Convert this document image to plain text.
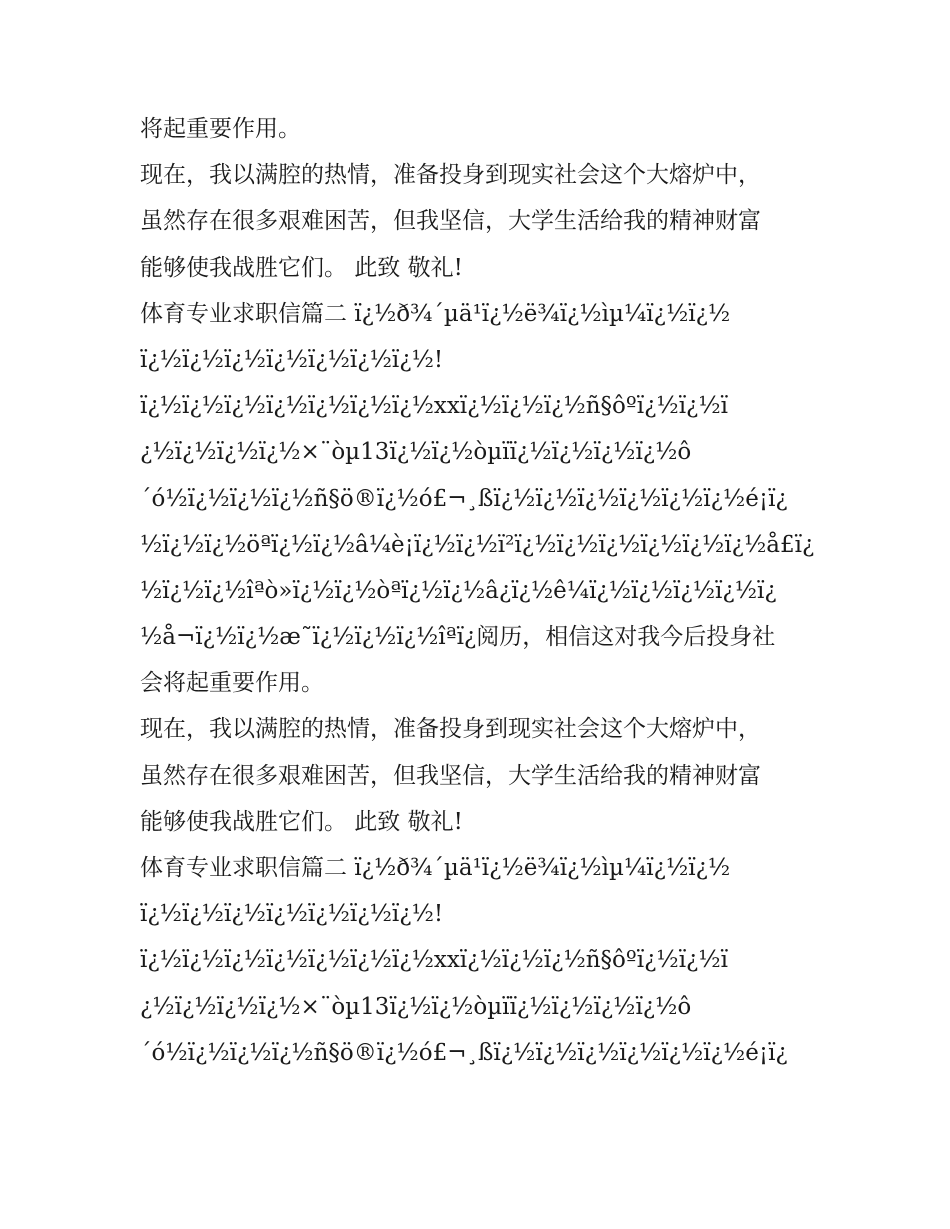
将起重要作用。
现在，我以满腔的热情，准备投身到现实社会这个大熔炉中，
虽然存在很多艰难困苦，但我坚信，大学生活给我的精神财富
能够使我战胜它们。 此致 敬礼!
体育专业求职信篇二 ï¿½ð¾´µä¹ï¿½ë¾ï¿½ìµ¼ï¿½ï¿½
ï¿½ï¿½ï¿½ï¿½ï¿½ï¿½ï¿½!
ï¿½ï¿½ï¿½ï¿½ï¿½ï¿½ï¿½xxï¿½ï¿½ï¿½ñ§ôºï¿½ï¿½ï
¿½ï¿½ï¿½ï¿½×¨òµ13ï¿½ï¿½òµïï¿½ï¿½ï¿½ï¿½ô
´ó½ï¿½ï¿½ï¿½ñ§ö®ï¿½ó£¬¸ßï¿½ï¿½ï¿½ï¿½ï¿½ï¿½é¡ï¿
½ï¿½ï¿½öªï¿½ï¿½â¼è¡ï¿½ï¿½ï²ï¿½ï¿½ï¿½ï¿½ï¿½ï¿½å£ï¿
½ï¿½ï¿½îªò»ï¿½ï¿½òªï¿½ï¿½â¿ï¿½ê¼ï¿½ï¿½ï¿½ï¿½ï¿
½å¬ï¿½ï¿½æ˜ï¿½ï¿½ï¿½îªï¿阅历，相信这对我今后投身社
会将起重要作用。
现在，我以满腔的热情，准备投身到现实社会这个大熔炉中，
虽然存在很多艰难困苦，但我坚信，大学生活给我的精神财富
能够使我战胜它们。 此致 敬礼!
体育专业求职信篇二 ï¿½ð¾´µä¹ï¿½ë¾ï¿½ìµ¼ï¿½ï¿½
ï¿½ï¿½ï¿½ï¿½ï¿½ï¿½ï¿½!
ï¿½ï¿½ï¿½ï¿½ï¿½ï¿½ï¿½xxï¿½ï¿½ï¿½ñ§ôºï¿½ï¿½ï
¿½ï¿½ï¿½ï¿½×¨òµ13ï¿½ï¿½òµïï¿½ï¿½ï¿½ï¿½ô
´ó½ï¿½ï¿½ï¿½ñ§ö®ï¿½ó£¬¸ßï¿½ï¿½ï¿½ï¿½ï¿½ï¿½é¡ï¿
